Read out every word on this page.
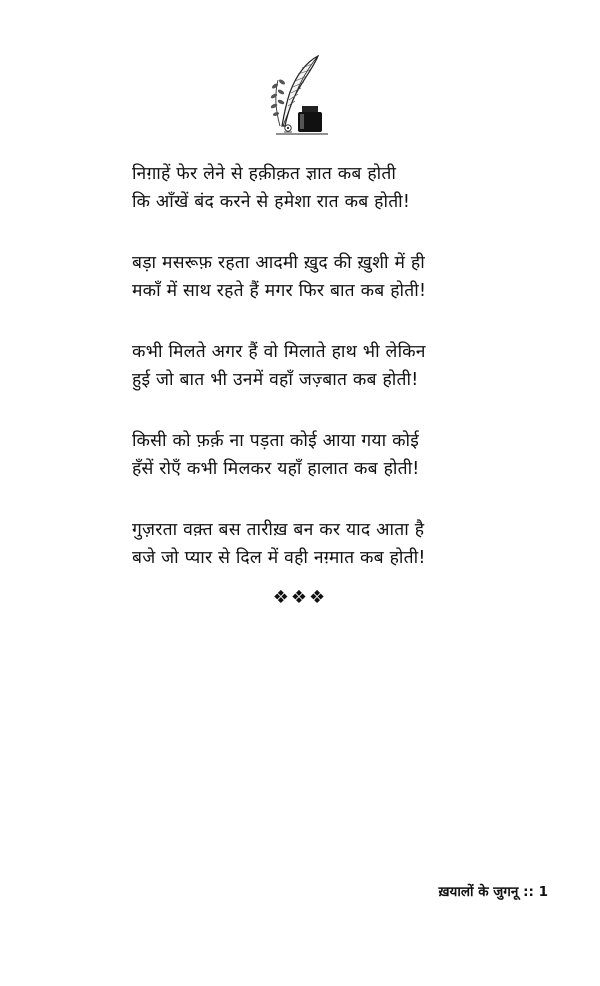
निग़ाहें फेर लेने से हक़ीक़त ज्ञात कब होती
कि आँखें बंद करने से हमेशा रात कब होती!
बड़ा मसरूफ़ रहता आदमी ख़ुद की ख़ुशी में ही
मकाँ में साथ रहते हैं मगर फिर बात कब होती!
कभी मिलते अगर हैं वो मिलाते हाथ भी लेकिन
हुई जो बात भी उनमें वहाँ जज़्बात कब होती!
किसी को फ़र्क़ ना पड़ता कोई आया गया कोई
हँसें रोएँ कभी मिलकर यहाँ हालात कब होती!
गुज़रता वक़्त बस तारीख़ बन कर याद आता है
बजे जो प्यार से दिल में वही नग़्मात कब होती!
❖❖❖
ख़यालों के जुगनू :: 1
